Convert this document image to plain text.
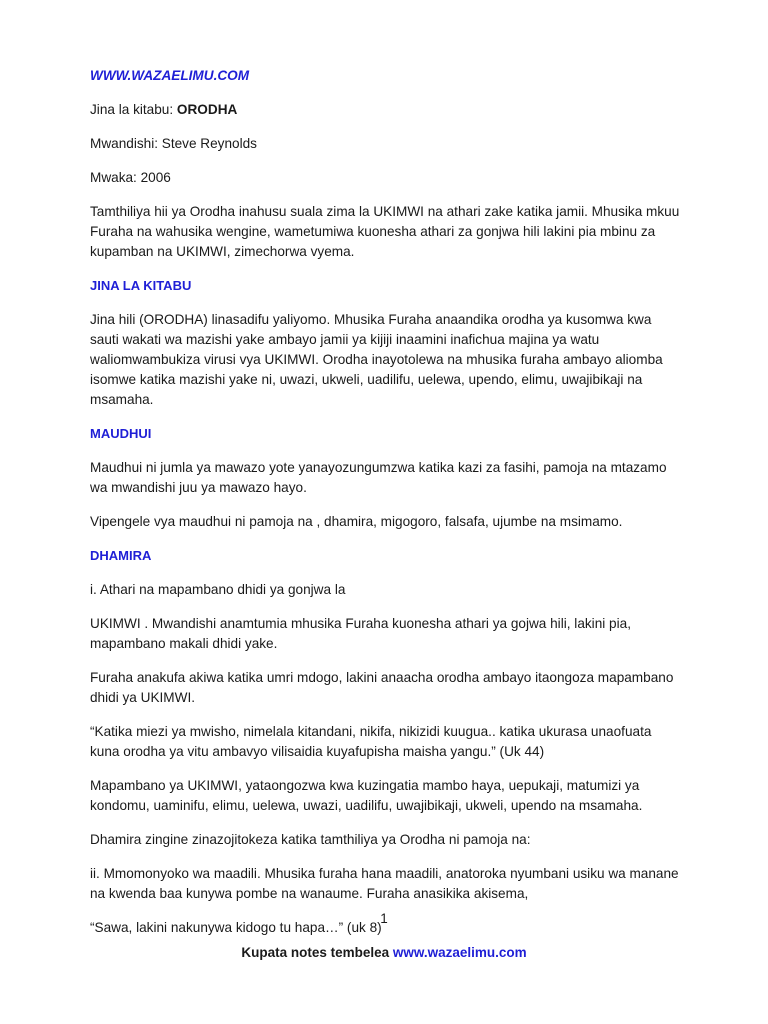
WWW.WAZAELIMU.COM

Jina la kitabu: ORODHA

Mwandishi: Steve Reynolds

Mwaka: 2006

Tamthiliya hii ya Orodha inahusu suala zima la UKIMWI na athari zake katika jamii. Mhusika mkuu Furaha na wahusika wengine, wametumiwa kuonesha athari za gonjwa hili lakini pia mbinu za kupamban na UKIMWI, zimechorwa vyema.

JINA LA KITABU

Jina hili (ORODHA) linasadifu yaliyomo. Mhusika Furaha anaandika orodha ya kusomwa kwa sauti wakati wa mazishi yake ambayo jamii ya kijiji inaamini inafichua majina ya watu waliomwambukiza virusi vya UKIMWI. Orodha inayotolewa na mhusika furaha ambayo aliomba isomwe katika mazishi yake ni, uwazi, ukweli, uadilifu, uelewa, upendo, elimu, uwajibikaji na msamaha.

MAUDHUI

Maudhui ni jumla ya mawazo yote yanayozungumzwa katika kazi za fasihi, pamoja na mtazamo wa mwandishi juu ya mawazo hayo.

Vipengele vya maudhui ni pamoja na , dhamira, migogoro, falsafa, ujumbe na msimamo.

DHAMIRA

i. Athari na mapambano dhidi ya gonjwa la

UKIMWI . Mwandishi anamtumia mhusika Furaha kuonesha athari ya gojwa hili, lakini pia, mapambano makali dhidi yake.

Furaha anakufa akiwa katika umri mdogo, lakini anaacha orodha ambayo itaongoza mapambano dhidi ya UKIMWI.

“Katika miezi ya mwisho, nimelala kitandani, nikifa, nikizidi kuugua.. katika ukurasa unaofuata kuna orodha ya vitu ambavyo vilisaidia kuyafupisha maisha yangu.” (Uk 44)

Mapambano ya UKIMWI, yataongozwa kwa kuzingatia mambo haya, uepukaji, matumizi ya kondomu, uaminifu, elimu, uelewa, uwazi, uadilifu, uwajibikaji, ukweli, upendo na msamaha.

Dhamira zingine zinazojitokeza katika tamthiliya ya Orodha ni pamoja na:

ii. Mmomonyoko wa maadili. Mhusika furaha hana maadili, anatoroka nyumbani usiku wa manane na kwenda baa kunywa pombe na wanaume. Furaha anasikika akisema,

“Sawa, lakini nakunywa kidogo tu hapa…” (uk 8)

1
Kupata notes tembelea www.wazaelimu.com
